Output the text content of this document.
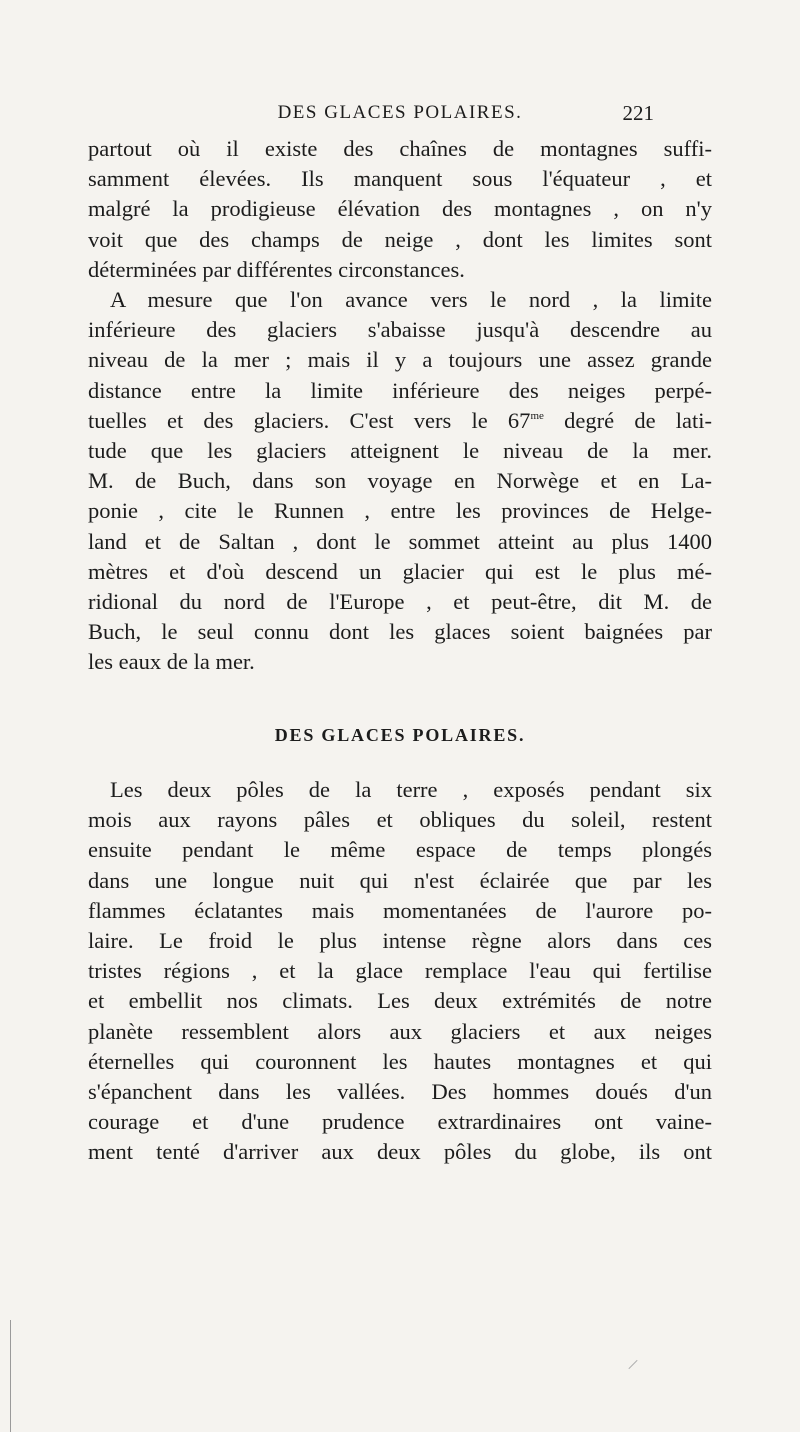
DES GLACES POLAIRES.	221
partout où il existe des chaînes de montagnes suffi-
samment élevées. Ils manquent sous l'équateur , et
malgré la prodigieuse élévation des montagnes , on n'y
voit que des champs de neige , dont les limites sont
déterminées par différentes circonstances.
A mesure que l'on avance vers le nord , la limite
inférieure des glaciers s'abaisse jusqu'à descendre au
niveau de la mer ; mais il y a toujours une assez grande
distance entre la limite inférieure des neiges perpé-
tuelles et des glaciers. C'est vers le $67^{me}$ degré de lati-
tude que les glaciers atteignent le niveau de la mer.
M. de Buch, dans son voyage en Norwège et en La-
ponie , cite le Runnen , entre les provinces de Helge-
land et de Saltan , dont le sommet atteint au plus 1400
mètres et d'où descend un glacier qui est le plus mé-
ridional du nord de l'Europe , et peut-être, dit M. de
Buch, le seul connu dont les glaces soient baignées par
les eaux de la mer.
DES GLACES POLAIRES.
Les deux pôles de la terre , exposés pendant six
mois aux rayons pâles et obliques du soleil, restent
ensuite pendant le même espace de temps plongés
dans une longue nuit qui n'est éclairée que par les
flammes éclatantes mais momentanées de l'aurore po-
laire. Le froid le plus intense règne alors dans ces
tristes régions , et la glace remplace l'eau qui fertilise
et embellit nos climats. Les deux extrémités de notre
planète ressemblent alors aux glaciers et aux neiges
éternelles qui couronnent les hautes montagnes et qui
s'épanchent dans les vallées. Des hommes doués d'un
courage et d'une prudence extrardinaires ont vaine-
ment tenté d'arriver aux deux pôles du globe, ils ont
